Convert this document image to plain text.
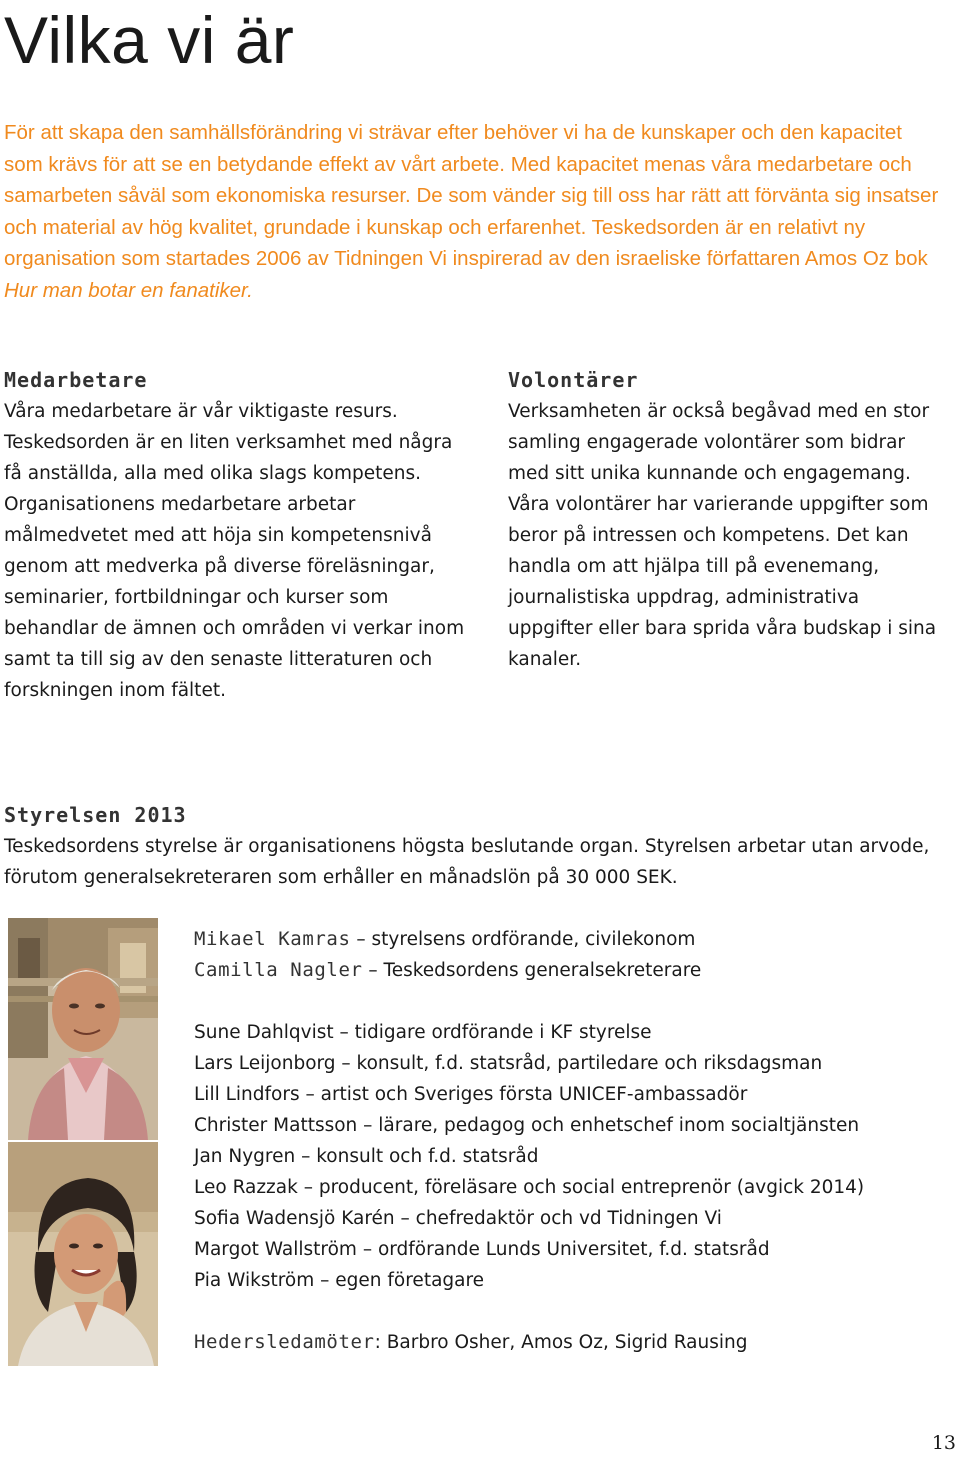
Vilka vi är

För att skapa den samhällsförändring vi strävar efter behöver vi ha de kunskaper och den kapacitet som krävs för att se en betydande effekt av vårt arbete. Med kapacitet menas våra medarbetare och samarbeten såväl som ekonomiska resurser. De som vänder sig till oss har rätt att förvänta sig insatser och material av hög kvalitet, grundade i kunskap och erfarenhet. Teskedsorden är en relativt ny organisation som startades 2006 av Tidningen Vi inspirerad av den israeliske författaren Amos Oz bok Hur man botar en fanatiker.

Medarbetare

Våra medarbetare är vår viktigaste resurs. Teskedsorden är en liten verksamhet med några få anställda, alla med olika slags kompetens. Organisationens medarbetare arbetar målmedvetet med att höja sin kompetensnivå genom att medverka på diverse föreläsningar, seminarier, fortbildningar och kurser som behandlar de ämnen och områden vi verkar inom samt ta till sig av den senaste litteraturen och forskningen inom fältet.

Volontärer

Verksamheten är också begåvad med en stor samling engagerade volontärer som bidrar med sitt unika kunnande och engagemang. Våra volontärer har varierande uppgifter som beror på intressen och kompetens. Det kan handla om att hjälpa till på evenemang, journalistiska uppdrag, administrativa uppgifter eller bara sprida våra budskap i sina kanaler.

Styrelsen 2013

Teskedsordens styrelse är organisationens högsta beslutande organ. Styrelsen arbetar utan arvode, förutom generalsekreteraren som erhåller en månadslön på 30 000 SEK.

Mikael Kamras – styrelsens ordförande, civilekonom

Camilla Nagler – Teskedsordens generalsekreterare

Sune Dahlqvist – tidigare ordförande i KF styrelse

Lars Leijonborg – konsult, f.d. statsråd, partiledare och riksdagsman

Lill Lindfors – artist och Sveriges första UNICEF-ambassadör

Christer Mattsson – lärare, pedagog och enhetschef inom socialtjänsten

Jan Nygren – konsult och f.d. statsråd

Leo Razzak – producent, föreläsare och social entreprenör (avgick 2014)

Sofia Wadensjö Karén – chefredaktör och vd Tidningen Vi

Margot Wallström – ordförande Lunds Universitet, f.d. statsråd

Pia Wikström – egen företagare

Hedersledamöter: Barbro Osher, Amos Oz, Sigrid Rausing

13
